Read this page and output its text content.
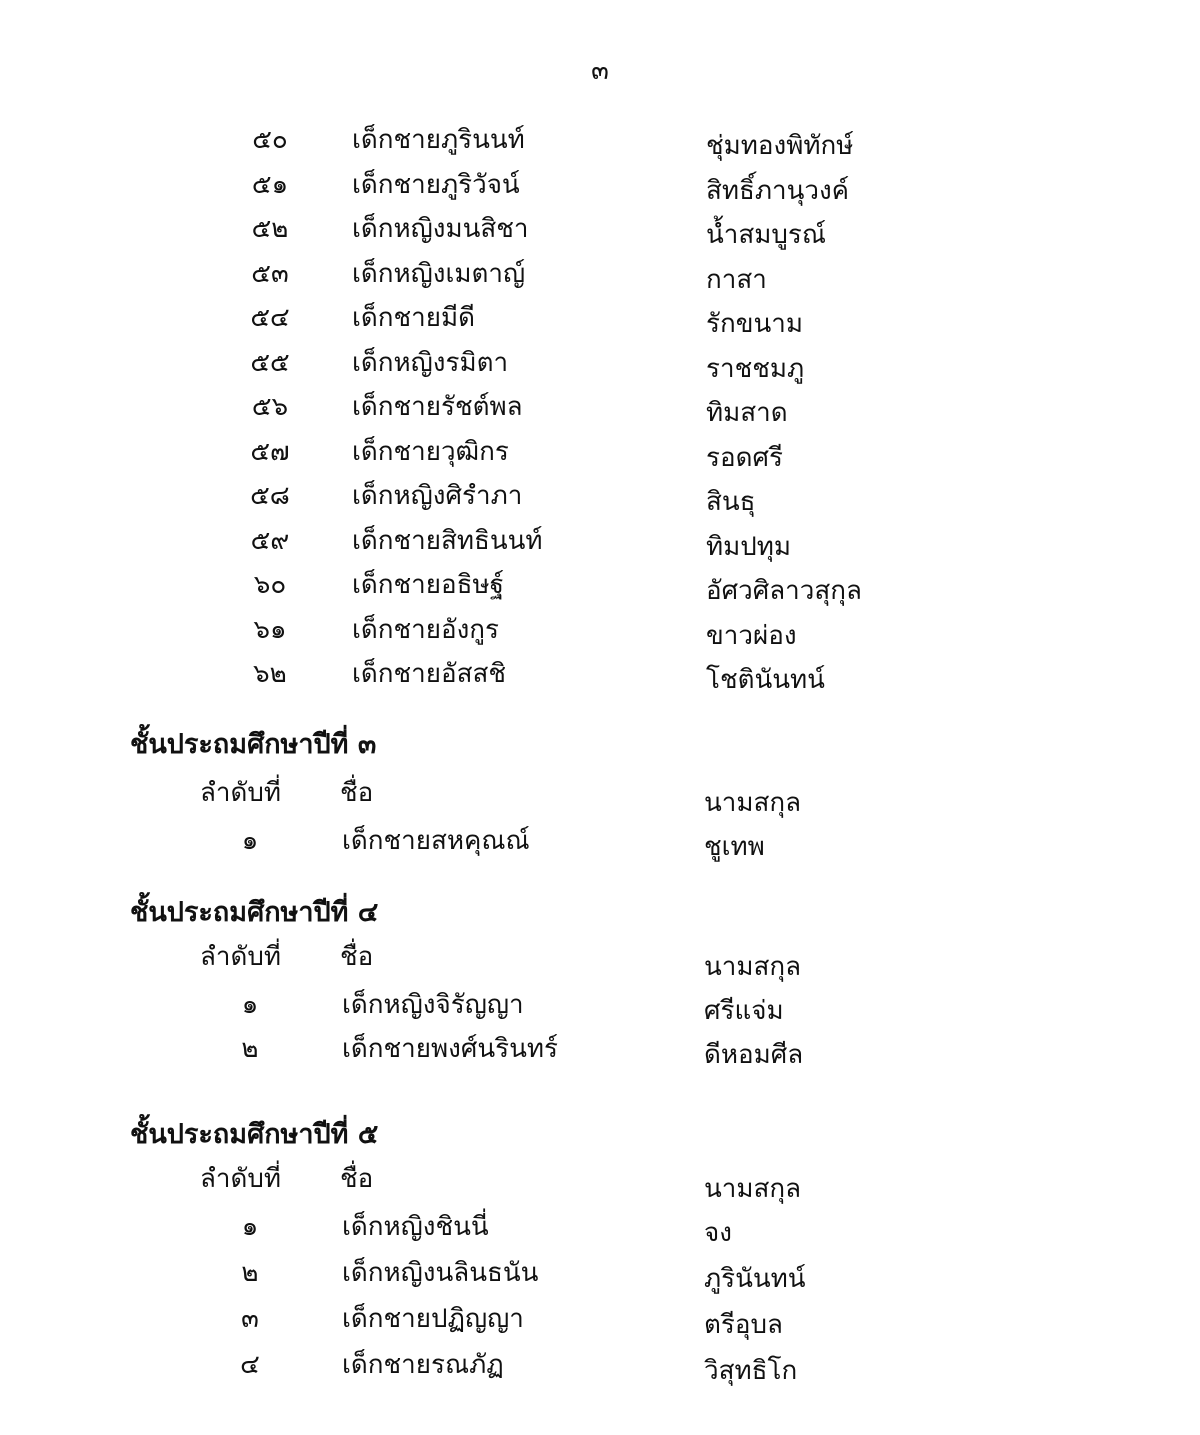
๓
๕๐	เด็กชายภูรินนท์	ชุ่มทองพิทักษ์
๕๑	เด็กชายภูริวัจน์	สิทธิ์ภานุวงค์
๕๒	เด็กหญิงมนสิชา	น้ำสมบูรณ์
๕๓	เด็กหญิงเมตาญ์	กาสา
๕๔	เด็กชายมีดี	รักขนาม
๕๕	เด็กหญิงรมิตา	ราชชมภู
๕๖	เด็กชายรัชต์พล	ทิมสาด
๕๗	เด็กชายวุฒิกร	รอดศรี
๕๘	เด็กหญิงศิรำภา	สินธุ
๕๙	เด็กชายสิทธินนท์	ทิมปทุม
๖๐	เด็กชายอธิษฐ์	อัศวศิลาวสุกุล
๖๑	เด็กชายอังกูร	ขาวผ่อง
๖๒	เด็กชายอัสสชิ	โชตินันทน์
ชั้นประถมศึกษาปีที่ ๓
ลำดับที่ ชื่อ	นามสกุล
๑	เด็กชายสหคุณณ์	ชูเทพ
ชั้นประถมศึกษาปีที่ ๔
ลำดับที่ ชื่อ	นามสกุล
๑	เด็กหญิงจิรัญญา	ศรีแจ่ม
๒	เด็กชายพงศ์นรินทร์	ดีหอมศีล
ชั้นประถมศึกษาปีที่ ๕
ลำดับที่ ชื่อ	นามสกุล
๑	เด็กหญิงชินนี่	จง
๒	เด็กหญิงนลินธนัน	ภูรินันทน์
๓	เด็กชายปฏิญญา	ตรีอุบล
๔	เด็กชายรณภัฏ	วิสุทธิโก
